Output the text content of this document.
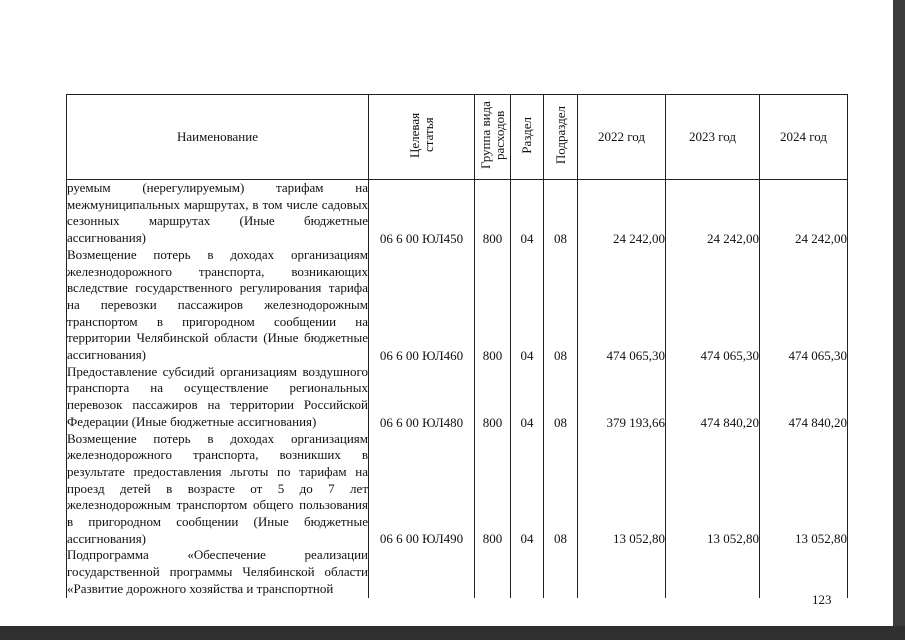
Наименование	Целевая статья	Группа вида расходов	Раздел	Подраздел	2022 год	2023 год	2024 год
руемым (нерегулируемым) тарифам на межмуниципальных маршрутах, в том числе садовых сезонных маршрутах (Иные бюджетные ассигнования)	06 6 00 ЮЛ450	800	04	08	24 242,00	24 242,00	24 242,00
Возмещение потерь в доходах организациям железнодорожного транспорта, возникающих вследствие государственного регулирования тарифа на перевозки пассажиров железнодорожным транспортом в пригородном сообщении на территории Челябинской области (Иные бюджетные ассигнования)	06 6 00 ЮЛ460	800	04	08	474 065,30	474 065,30	474 065,30
Предоставление субсидий организациям воздушного транспорта на осуществление региональных перевозок пассажиров на территории Российской Федерации (Иные бюджетные ассигнования)	06 6 00 ЮЛ480	800	04	08	379 193,66	474 840,20	474 840,20
Возмещение потерь в доходах организациям железнодорожного транспорта, возникших в результате предоставления льготы по тарифам на проезд детей в возрасте от 5 до 7 лет железнодорожным транспортом общего пользования в пригородном сообщении (Иные бюджетные ассигнования)	06 6 00 ЮЛ490	800	04	08	13 052,80	13 052,80	13 052,80
Подпрограмма «Обеспечение реализации государственной программы Челябинской области «Развитие дорожного хозяйства и транспортной							
123
